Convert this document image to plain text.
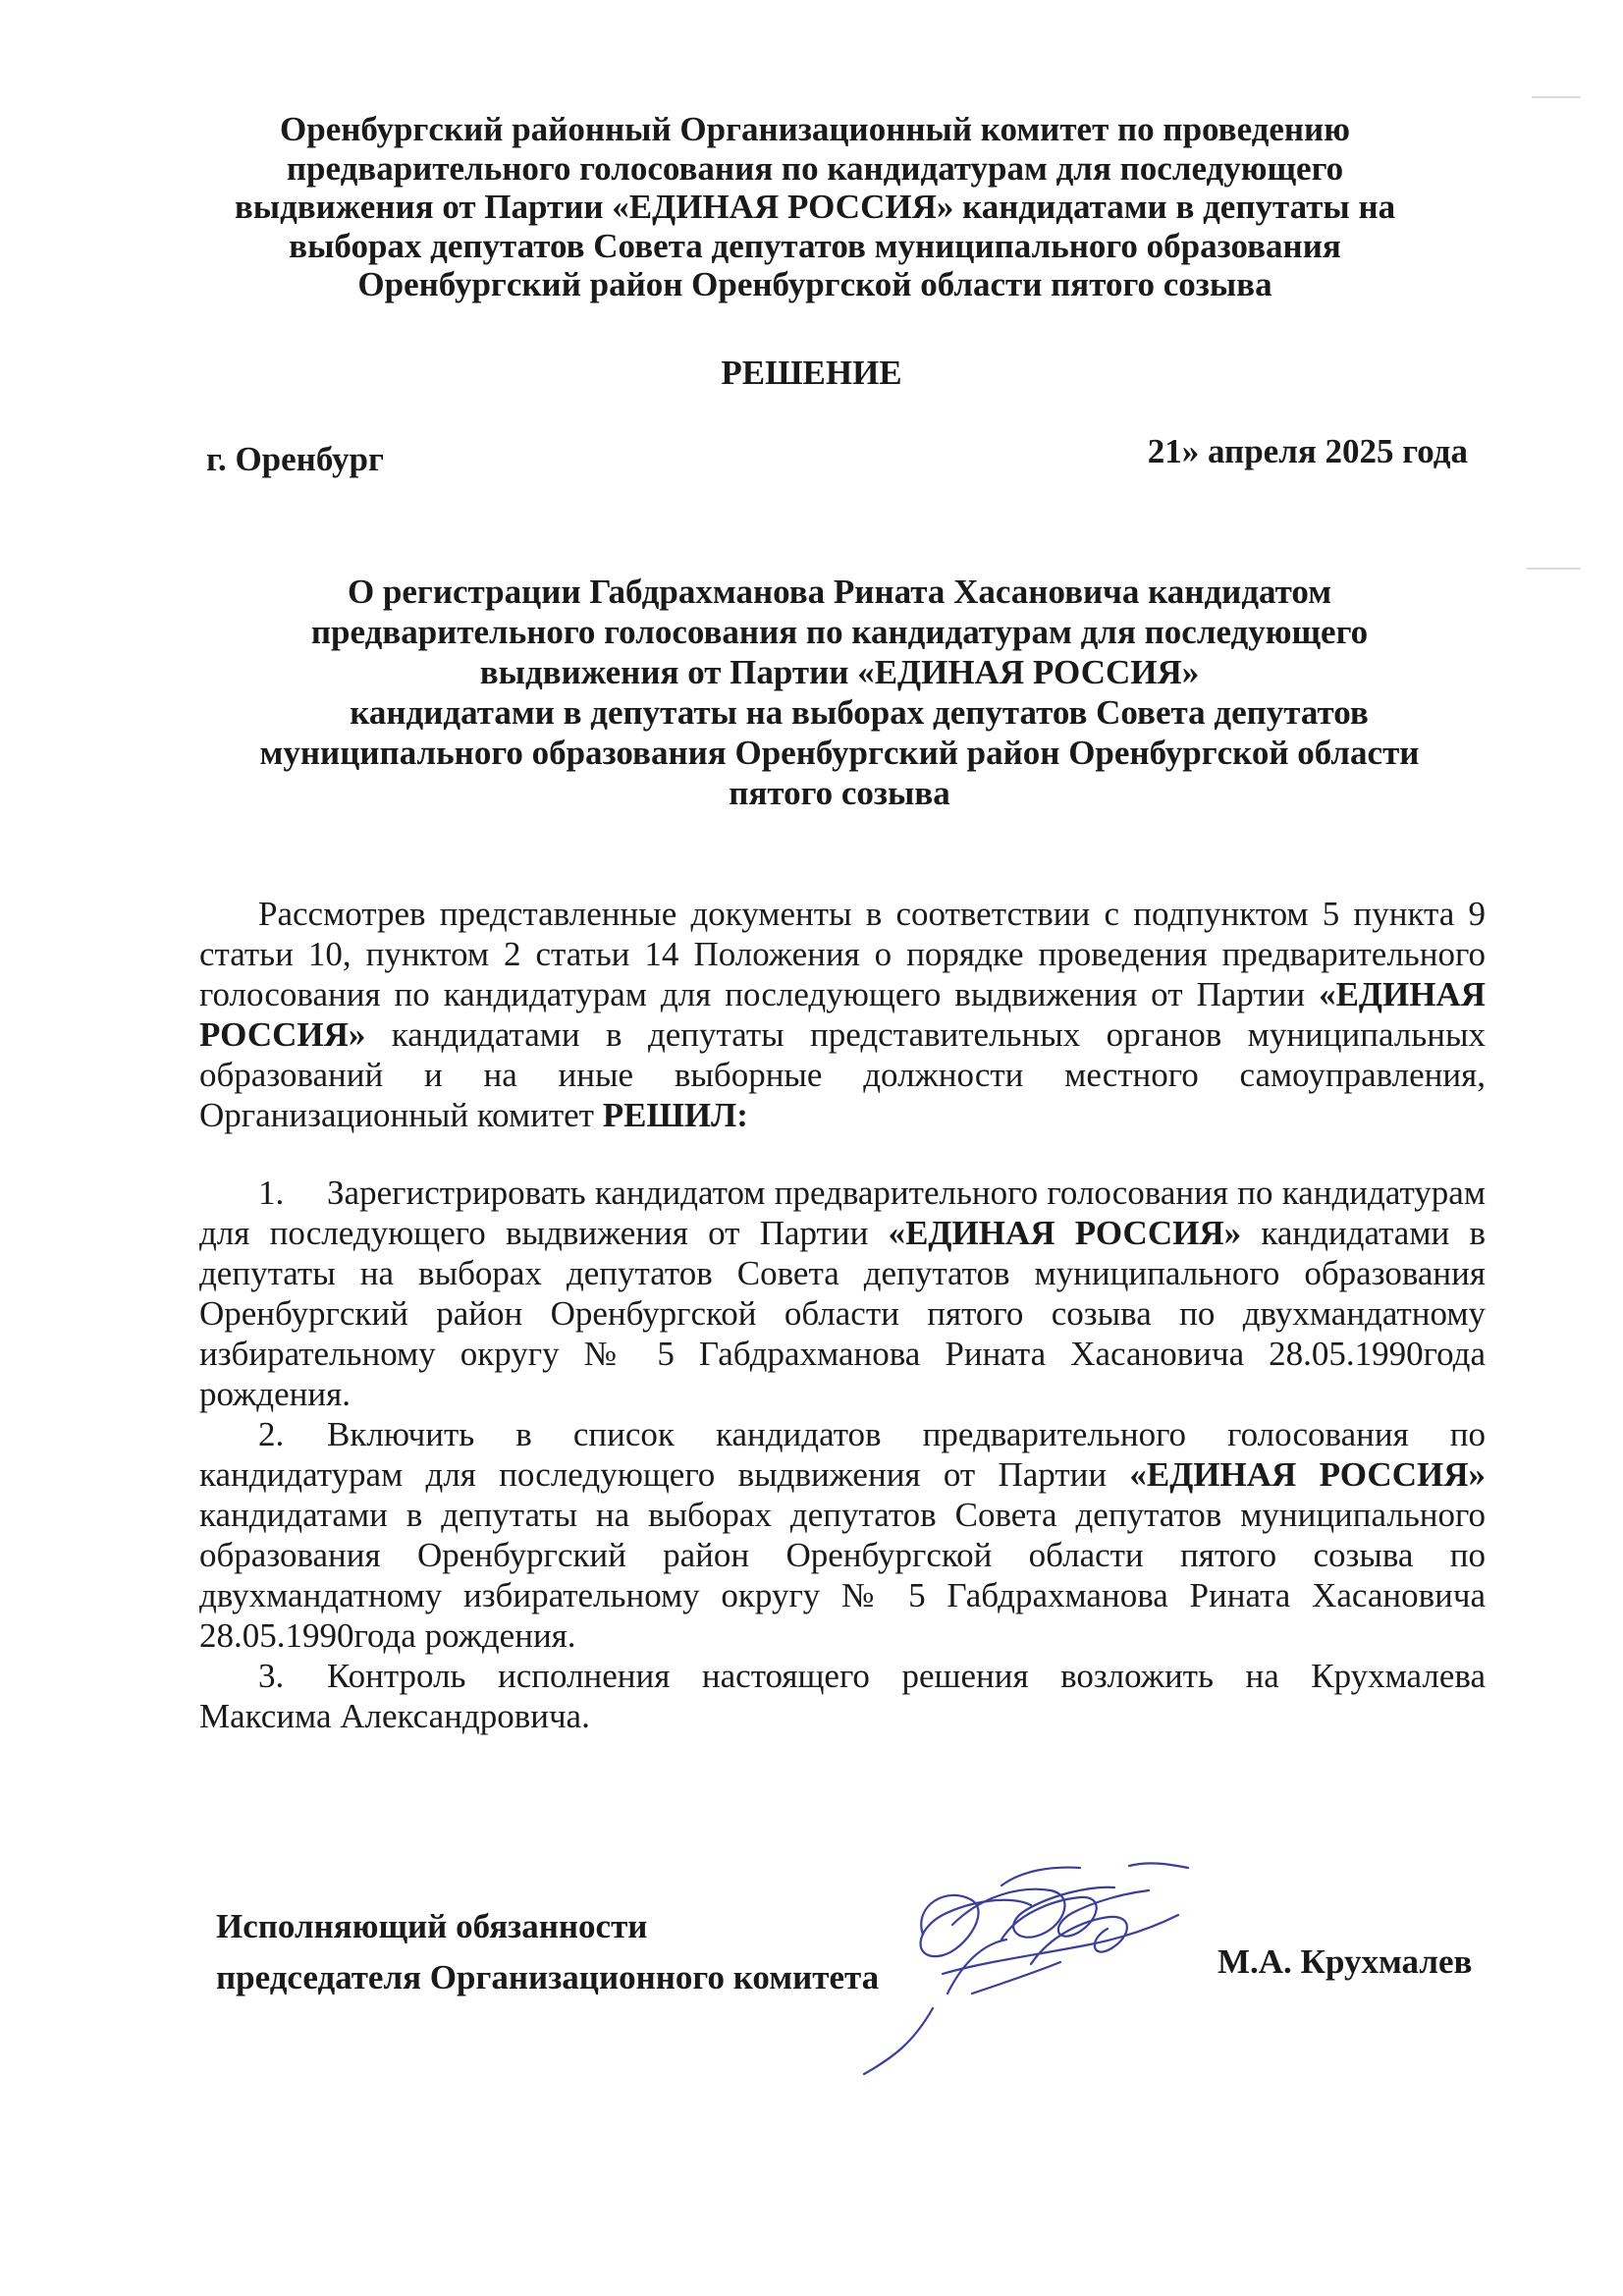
Оренбургский районный Организационный комитет по проведению
предварительного голосования по кандидатурам для последующего
выдвижения от Партии «ЕДИНАЯ РОССИЯ» кандидатами в депутаты на
выборах депутатов Совета депутатов муниципального образования
Оренбургский район Оренбургской области пятого созыва
РЕШЕНИЕ
г. Оренбург	21» апреля 2025 года
О регистрации Габдрахманова Рината Хасановича кандидатом
предварительного голосования по кандидатурам для последующего
выдвижения от Партии «ЕДИНАЯ РОССИЯ»
кандидатами в депутаты на выборах депутатов Совета депутатов
муниципального образования Оренбургский район Оренбургской области
пятого созыва

Рассмотрев представленные документы в соответствии с подпунктом 5 пункта 9 статьи 10, пунктом 2 статьи 14 Положения о порядке проведения предварительного голосования по кандидатурам для последующего выдвижения от Партии «ЕДИНАЯ РОССИЯ» кандидатами в депутаты представительных органов муниципальных образований и на иные выборные должности местного самоуправления, Организационный комитет РЕШИЛ:

1. Зарегистрировать кандидатом предварительного голосования по кандидатурам для последующего выдвижения от Партии «ЕДИНАЯ РОССИЯ» кандидатами в депутаты на выборах депутатов Совета депутатов муниципального образования Оренбургский район Оренбургской области пятого созыва по двухмандатному избирательному округу № 5 Габдрахманова Рината Хасановича 28.05.1990года рождения.

2. Включить в список кандидатов предварительного голосования по кандидатурам для последующего выдвижения от Партии «ЕДИНАЯ РОССИЯ» кандидатами в депутаты на выборах депутатов Совета депутатов муниципального образования Оренбургский район Оренбургской области пятого созыва по двухмандатному избирательному округу № 5 Габдрахманова Рината Хасановича 28.05.1990года рождения.

3. Контроль исполнения настоящего решения возложить на Крухмалева Максима Александровича.

Исполняющий обязанности
председателя Организационного комитета	М.А. Крухмалев
